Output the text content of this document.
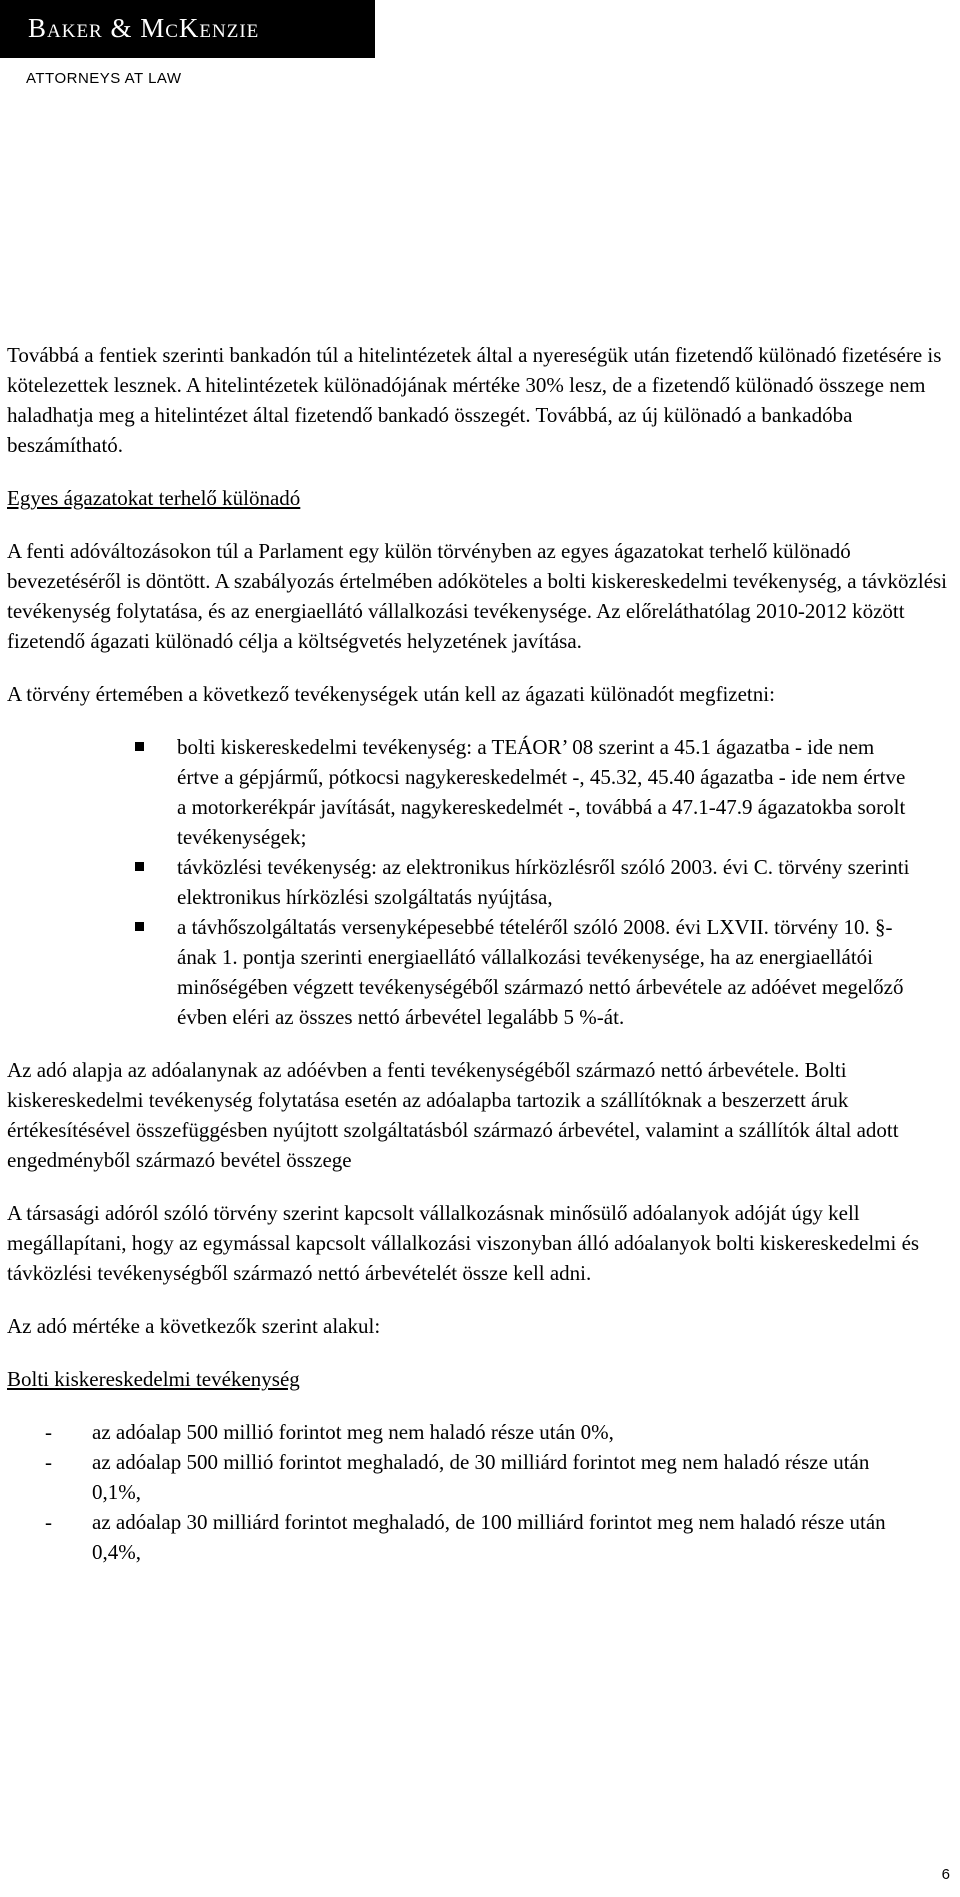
Baker & McKenzie
ATTORNEYS AT LAW

Továbbá a fentiek szerinti bankadón túl a hitelintézetek által a nyereségük után fizetendő különadó fizetésére is kötelezettek lesznek. A hitelintézetek különadójának mértéke 30% lesz, de a fizetendő különadó összege nem haladhatja meg a hitelintézet által fizetendő bankadó összegét. Továbbá, az új különadó a bankadóba beszámítható.

Egyes ágazatokat terhelő különadó

A fenti adóváltozásokon túl a Parlament egy külön törvényben az egyes ágazatokat terhelő különadó bevezetéséről is döntött. A szabályozás értelmében adóköteles a bolti kiskereskedelmi tevékenység, a távközlési tevékenység folytatása, és az energiaellátó vállalkozási tevékenysége. Az előreláthatólag 2010-2012 között fizetendő ágazati különadó célja a költségvetés helyzetének javítása.

A törvény értemében a következő tevékenységek után kell az ágazati különadót megfizetni:

bolti kiskereskedelmi tevékenység: a TEÁOR’ 08 szerint a 45.1 ágazatba - ide nem értve a gépjármű, pótkocsi nagykereskedelmét -, 45.32, 45.40 ágazatba - ide nem értve a motorkerékpár javítását, nagykereskedelmét -, továbbá a 47.1-47.9 ágazatokba sorolt tevékenységek;
távközlési tevékenység: az elektronikus hírközlésről szóló 2003. évi C. törvény szerinti elektronikus hírközlési szolgáltatás nyújtása,
a távhőszolgáltatás versenyképesebbé tételéről szóló 2008. évi LXVII. törvény 10. §-ának 1. pontja szerinti energiaellátó vállalkozási tevékenysége, ha az energiaellátói minőségében végzett tevékenységéből származó nettó árbevétele az adóévet megelőző évben eléri az összes nettó árbevétel legalább 5 %-át.

Az adó alapja az adóalanynak az adóévben a fenti tevékenységéből származó nettó árbevétele. Bolti kiskereskedelmi tevékenység folytatása esetén az adóalapba tartozik a szállítóknak a beszerzett áruk értékesítésével összefüggésben nyújtott szolgáltatásból származó árbevétel, valamint a szállítók által adott engedményből származó bevétel összege

A társasági adóról szóló törvény szerint kapcsolt vállalkozásnak minősülő adóalanyok adóját úgy kell megállapítani, hogy az egymással kapcsolt vállalkozási viszonyban álló adóalanyok bolti kiskereskedelmi és távközlési tevékenységből származó nettó árbevételét össze kell adni.

Az adó mértéke a következők szerint alakul:

Bolti kiskereskedelmi tevékenység

- az adóalap 500 millió forintot meg nem haladó része után 0%,
- az adóalap 500 millió forintot meghaladó, de 30 milliárd forintot meg nem haladó része után 0,1%,
- az adóalap 30 milliárd forintot meghaladó, de 100 milliárd forintot meg nem haladó része után 0,4%,
6
